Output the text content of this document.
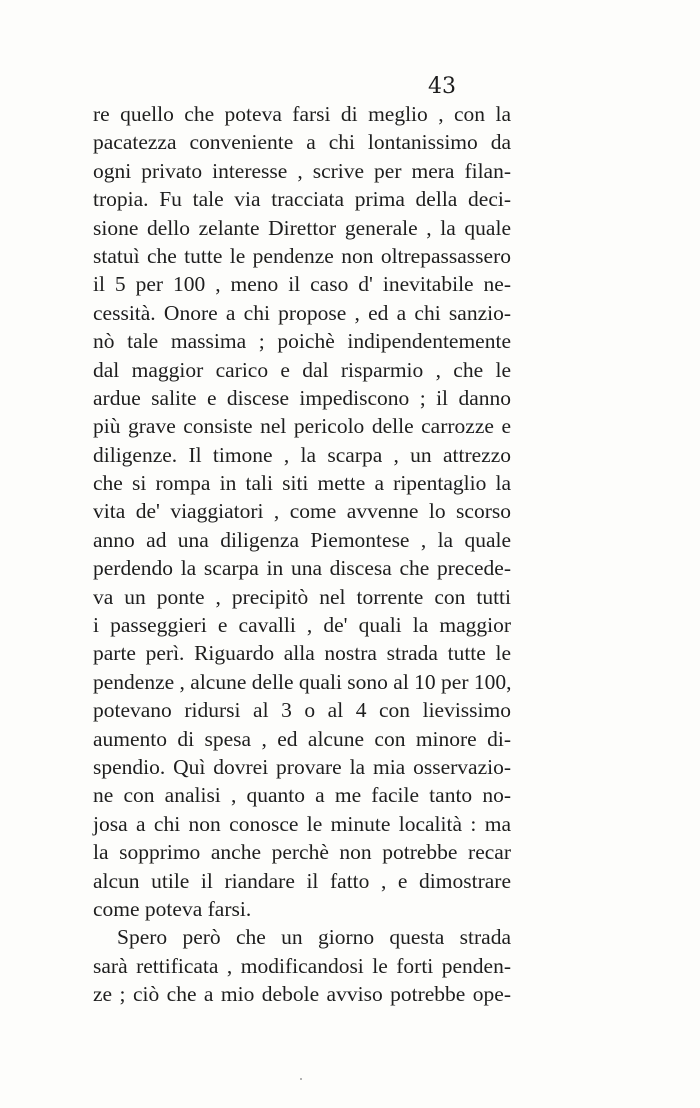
43
re quello che poteva farsi di meglio , con la
pacatezza conveniente a chi lontanissimo da
ogni privato interesse , scrive per mera filan-
tropia. Fu tale via tracciata prima della deci-
sione dello zelante Direttor generale , la quale
statuì che tutte le pendenze non oltrepassassero
il 5 per 100 , meno il caso d' inevitabile ne-
cessità. Onore a chi propose , ed a chi sanzio-
nò tale massima ; poichè indipendentemente
dal maggior carico e dal risparmio , che le
ardue salite e discese impediscono ; il danno
più grave consiste nel pericolo delle carrozze e
diligenze. Il timone , la scarpa , un attrezzo
che si rompa in tali siti mette a ripentaglio la
vita de' viaggiatori , come avvenne lo scorso
anno ad una diligenza Piemontese , la quale
perdendo la scarpa in una discesa che precede-
va un ponte , precipitò nel torrente con tutti
i passeggieri e cavalli , de' quali la maggior
parte perì. Riguardo alla nostra strada tutte le
pendenze , alcune delle quali sono al 10 per 100,
potevano ridursi al 3 o al 4 con lievissimo
aumento di spesa , ed alcune con minore di-
spendio. Quì dovrei provare la mia osservazio-
ne con analisi , quanto a me facile tanto no-
josa a chi non conosce le minute località : ma
la sopprimo anche perchè non potrebbe recar
alcun utile il riandare il fatto , e dimostrare
come poteva farsi.
Spero però che un giorno questa strada
sarà rettificata , modificandosi le forti penden-
ze ; ciò che a mio debole avviso potrebbe ope-
